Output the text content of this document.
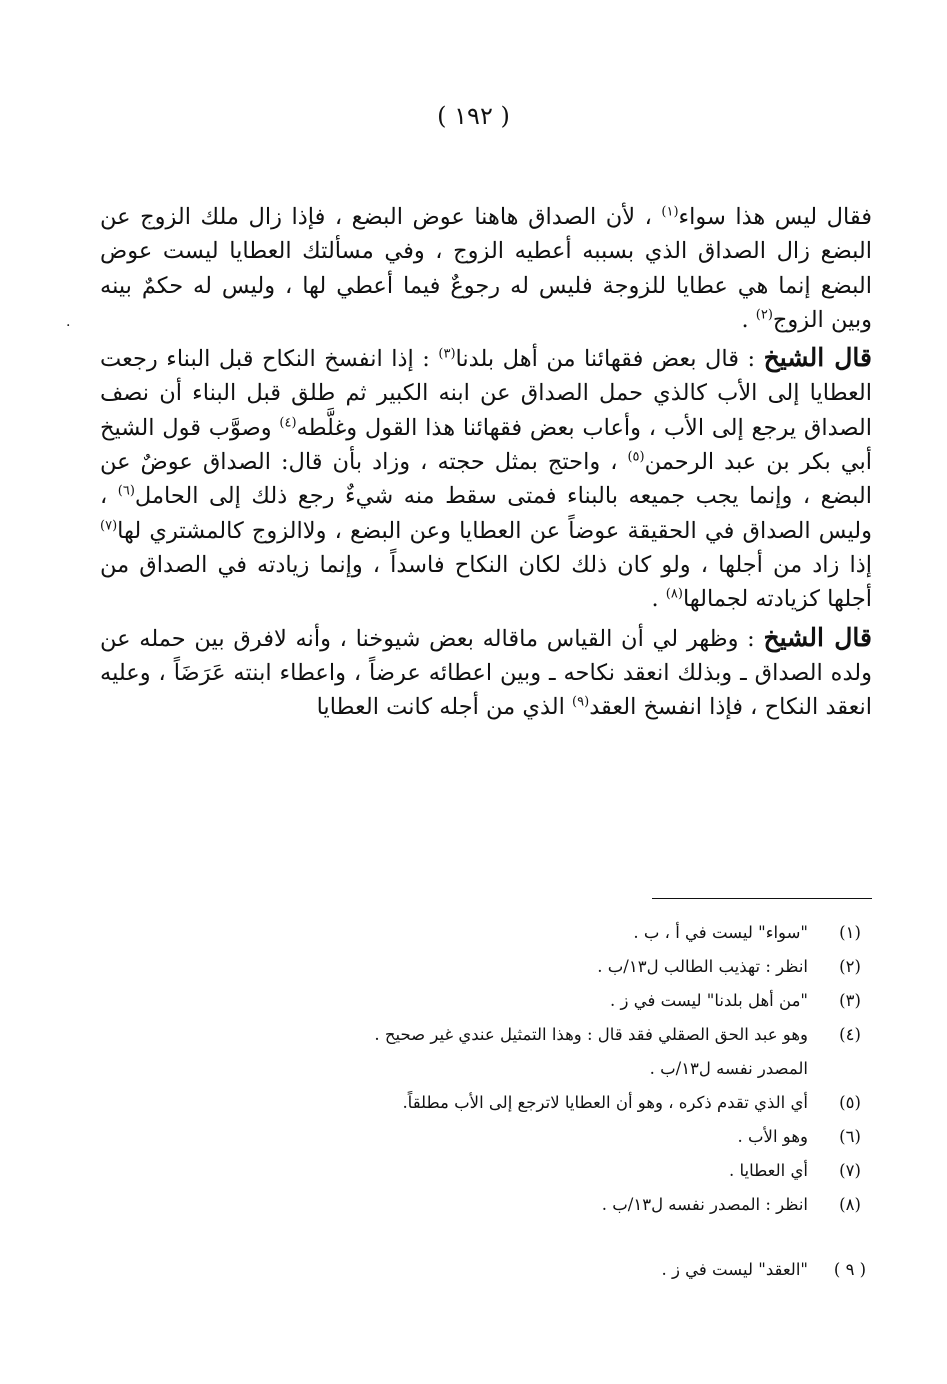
( ١٩٢ )
.

فقال ليس هذا سواء$^{(١)}$ ، لأن الصداق هاهنا عوض البضع ، فإذا زال ملك الزوج عن البضع زال الصداق الذي بسببه أعطيه الزوج ، وفي مسألتك العطايا ليست عوض البضع إنما هي عطايا للزوجة فليس له رجوعٌ فيما أعطي لها ، وليس له حكمٌ بينه وبين الزوج$^{(٢)}$ .

قال الشيخ : قال بعض فقهائنا من أهل بلدنا$^{(٣)}$ : إذا انفسخ النكاح قبل البناء رجعت العطايا إلى الأب كالذي حمل الصداق عن ابنه الكبير ثم طلق قبل البناء أن نصف الصداق يرجع إلى الأب ، وأعاب بعض فقهائنا هذا القول وغلَّطه$^{(٤)}$ وصوَّب قول الشيخ أبي بكر بن عبد الرحمن$^{(٥)}$ ، واحتج بمثل حجته ، وزاد بأن قال: الصداق عوضٌ عن البضع ، وإنما يجب جميعه بالبناء فمتى سقط منه شيءٌ رجع ذلك إلى الحامل$^{(٦)}$ ، وليس الصداق في الحقيقة عوضاً عن العطايا وعن البضع ، ولاالزوج كالمشتري لها$^{(٧)}$ إذا زاد من أجلها ، ولو كان ذلك لكان النكاح فاسداً ، وإنما زيادته في الصداق من أجلها كزيادته لجمالها$^{(٨)}$ .

قال الشيخ : وظهر لي أن القياس ماقاله بعض شيوخنا ، وأنه لافرق بين حمله عن ولده الصداق ـ وبذلك انعقد نكاحه ـ وبين اعطائه عرضاً ، واعطاء ابنته عَرَضَاً ، وعليه انعقد النكاح ، فإذا انفسخ العقد$^{(٩)}$ الذي من أجله كانت العطايا

(١)
"سواء" ليست في أ ، ب .
(٢)
انظر : تهذيب الطالب ل١٣/ب .
(٣)
"من أهل بلدنا" ليست في ز .
(٤)
وهو عبد الحق الصقلي فقد قال : وهذا التمثيل عندي غير صحيح .
المصدر نفسه ل١٣/ب .
(٥)
أي الذي تقدم ذكره ، وهو أن العطايا لاترجع إلى الأب مطلقاً.
(٦)
وهو الأب .
(٧)
أي العطايا .
(٨)
انظر : المصدر نفسه ل١٣/ب .
( ٩ )
"العقد" ليست في ز .
